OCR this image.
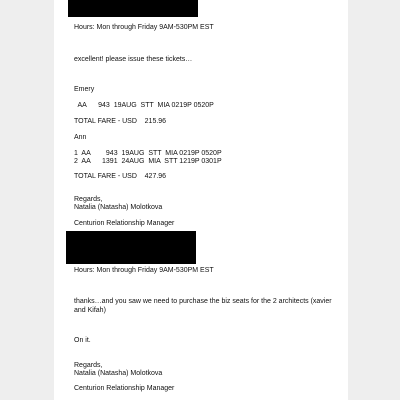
Hours: Mon through Friday 9AM-530PM EST

excellent! please issue these tickets…

Emery

AA      943  19AUG  STT  MIA 0219P 0520P

TOTAL FARE - USD    215.96

Ann

1  AA        943  19AUG  STT  MIA 0219P 0520P

2  AA      1391  24AUG  MIA  STT 1219P 0301P

TOTAL FARE - USD    427.96

Regards,

Natalia (Natasha) Molotkova

Centurion Relationship Manager

Hours: Mon through Friday 9AM-530PM EST

thanks…and you saw we need to purchase the biz seats for the 2 architects (xavier and Kifah)

On it.

Regards,

Natalia (Natasha) Molotkova

Centurion Relationship Manager
